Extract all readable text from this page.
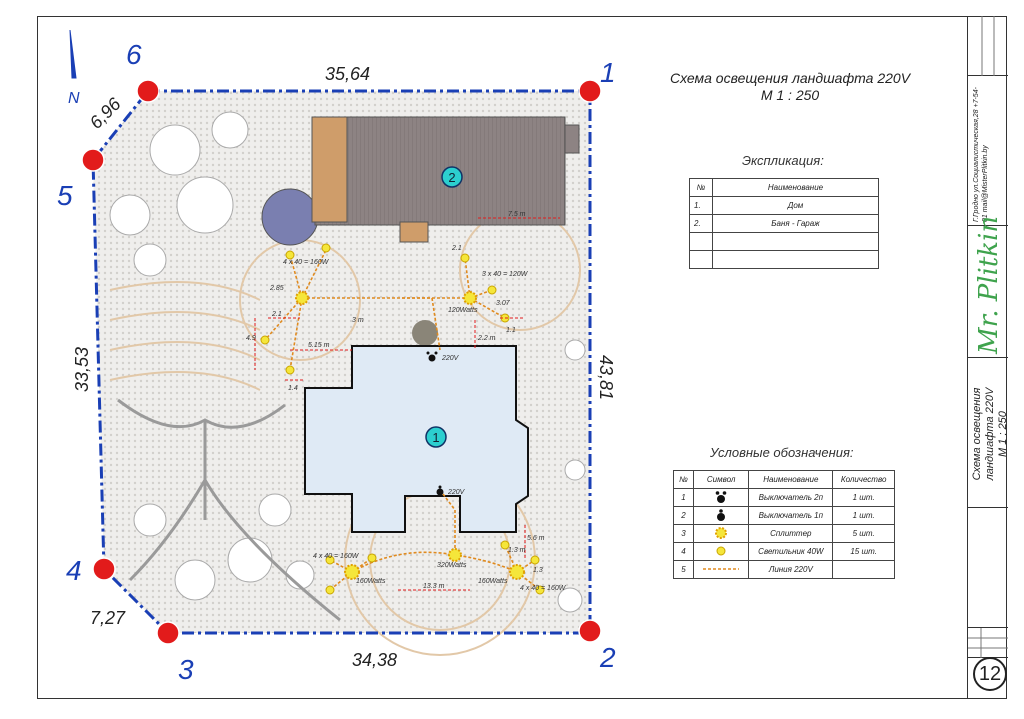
2
1
4 x 40 = 160W
3 x 40 = 120W
120Watts
220V
220V
4 x 40 = 160W
4 x 40 = 160W
160Watts
320Watts
160Watts
7.5 m
5.15 m
13.3 m
2.1
4.9
2.85
3 m
1.4
2.2 m
1.1
3.07
2.1
5.6 m
1.3
1.3 m
1
2
3
4
5
6
35,64
34,38
7,27
33,53	43,81
6,96
N
Схема освещения ландшафта 220V
М 1 : 250
Экспликация:
№	Наименование
1.	Дом
2.	Баня - Гараж

Условные обозначения:
№	Символ	Наименование	Количество
1		Выключатель 2п	1 шт.
2		Выключатель 1п	1 шт.
3		Сплиттер	5 шт.
4		Светильник 40W	15 шт.
5		Линия 220V	
Г.Гродно ул.Социалистическая,28 +7-54-01 mail@MisterPlitkin.by
Mr. Plitkin
Схема освещения ландшафта 220V М 1 : 250
12
